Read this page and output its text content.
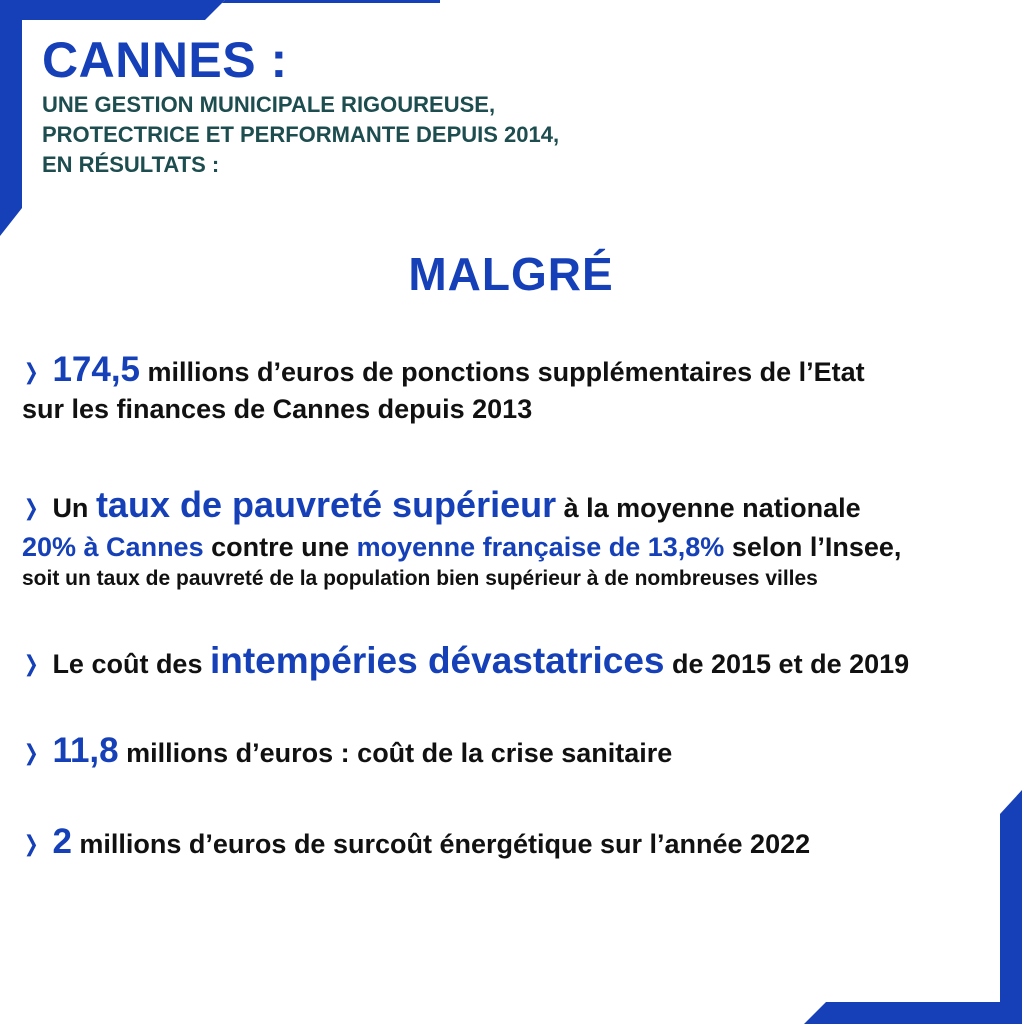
CANNES :
UNE GESTION MUNICIPALE RIGOUREUSE,
PROTECTRICE ET PERFORMANTE DEPUIS 2014,
EN RÉSULTATS :
MALGRÉ
❯ 174,5 millions d’euros de ponctions supplémentaires de l’Etat
sur les finances de Cannes depuis 2013
❯ Un taux de pauvreté supérieur à la moyenne nationale
20% à Cannes contre une moyenne française de 13,8% selon l’Insee,
soit un taux de pauvreté de la population bien supérieur à de nombreuses villes
❯ Le coût des intempéries dévastatrices de 2015 et de 2019
❯ 11,8 millions d’euros : coût de la crise sanitaire
❯ 2 millions d’euros de surcoût énergétique sur l’année 2022
